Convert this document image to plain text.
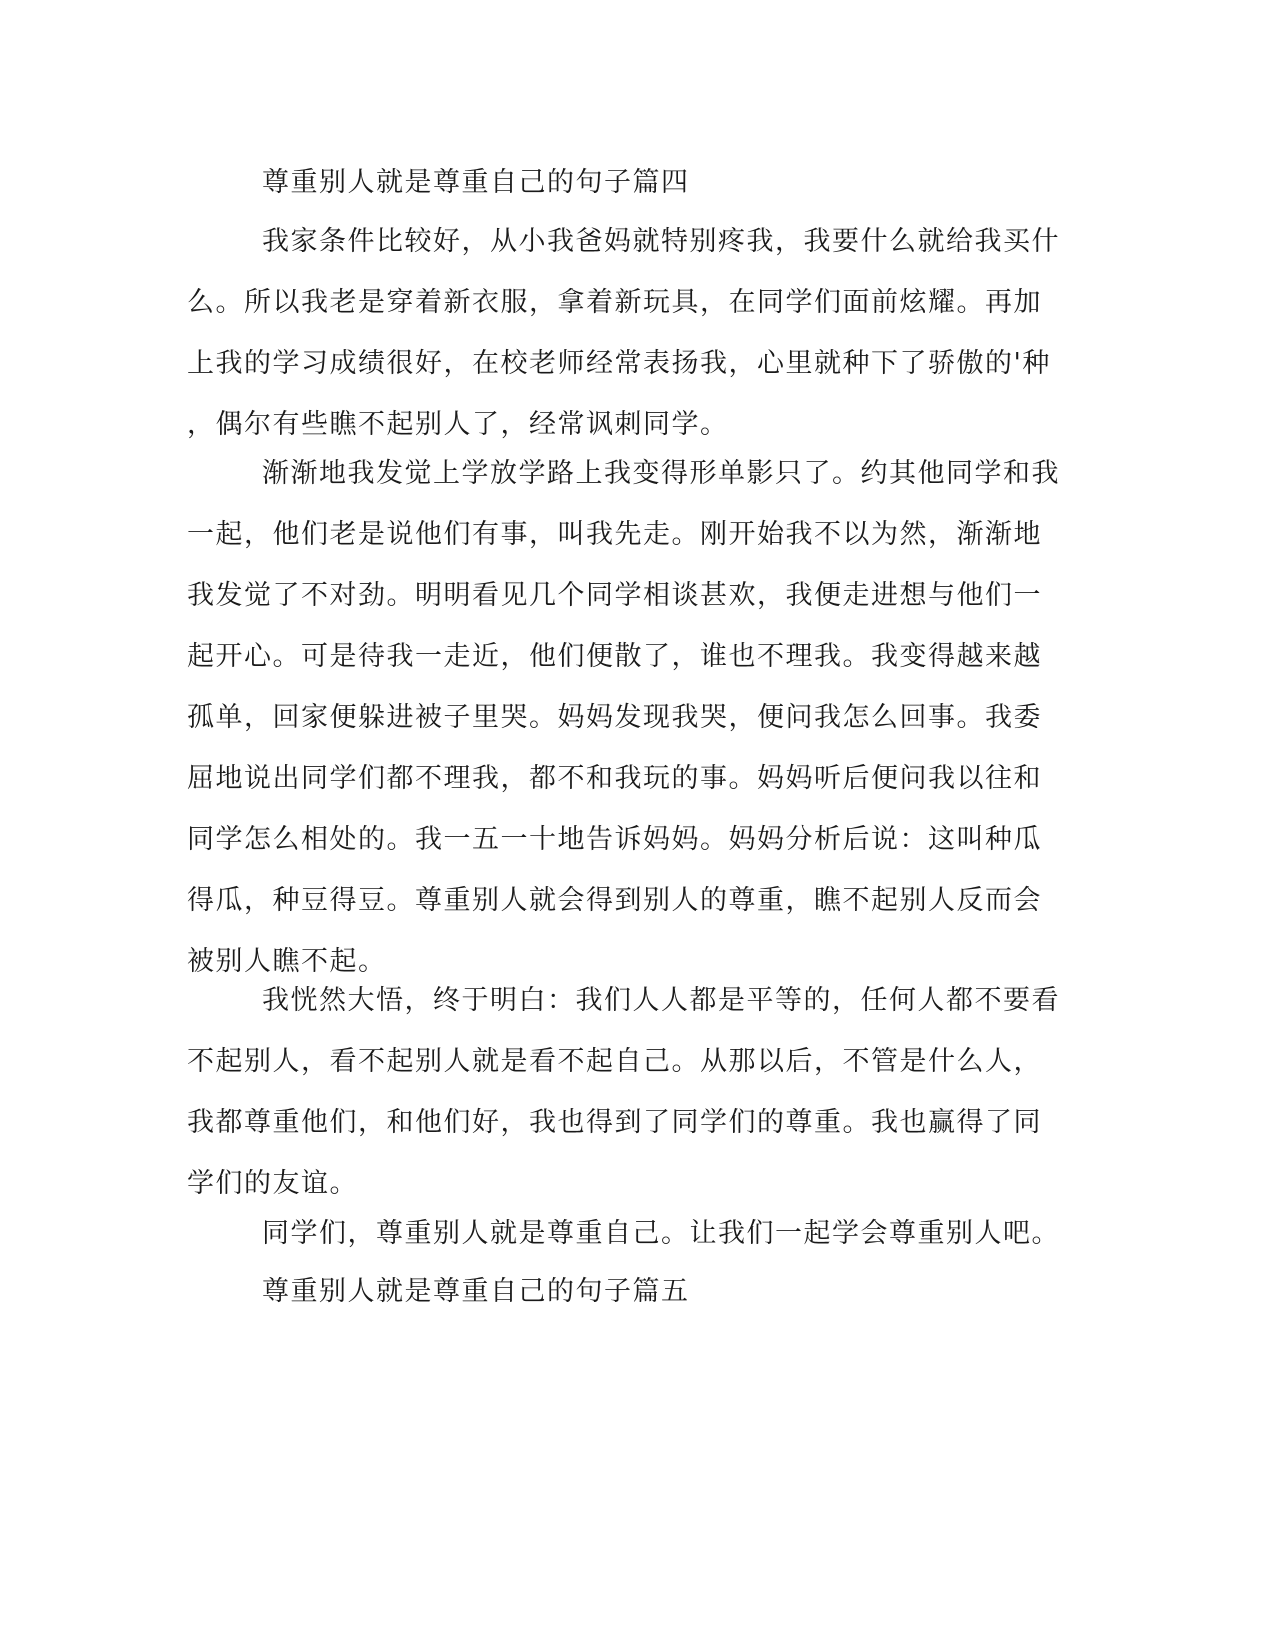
尊重别人就是尊重自己的句子篇四
我家条件比较好，从小我爸妈就特别疼我，我要什么就给我买什
么。所以我老是穿着新衣服，拿着新玩具，在同学们面前炫耀。再加
上我的学习成绩很好，在校老师经常表扬我，心里就种下了骄傲的'种
，偶尔有些瞧不起别人了，经常讽刺同学。
渐渐地我发觉上学放学路上我变得形单影只了。约其他同学和我
一起，他们老是说他们有事，叫我先走。刚开始我不以为然，渐渐地
我发觉了不对劲。明明看见几个同学相谈甚欢，我便走进想与他们一
起开心。可是待我一走近，他们便散了，谁也不理我。我变得越来越
孤单，回家便躲进被子里哭。妈妈发现我哭，便问我怎么回事。我委
屈地说出同学们都不理我，都不和我玩的事。妈妈听后便问我以往和
同学怎么相处的。我一五一十地告诉妈妈。妈妈分析后说：这叫种瓜
得瓜，种豆得豆。尊重别人就会得到别人的尊重，瞧不起别人反而会
被别人瞧不起。
我恍然大悟，终于明白：我们人人都是平等的，任何人都不要看
不起别人，看不起别人就是看不起自己。从那以后，不管是什么人，
我都尊重他们，和他们好，我也得到了同学们的尊重。我也赢得了同
学们的友谊。
同学们，尊重别人就是尊重自己。让我们一起学会尊重别人吧。
尊重别人就是尊重自己的句子篇五
